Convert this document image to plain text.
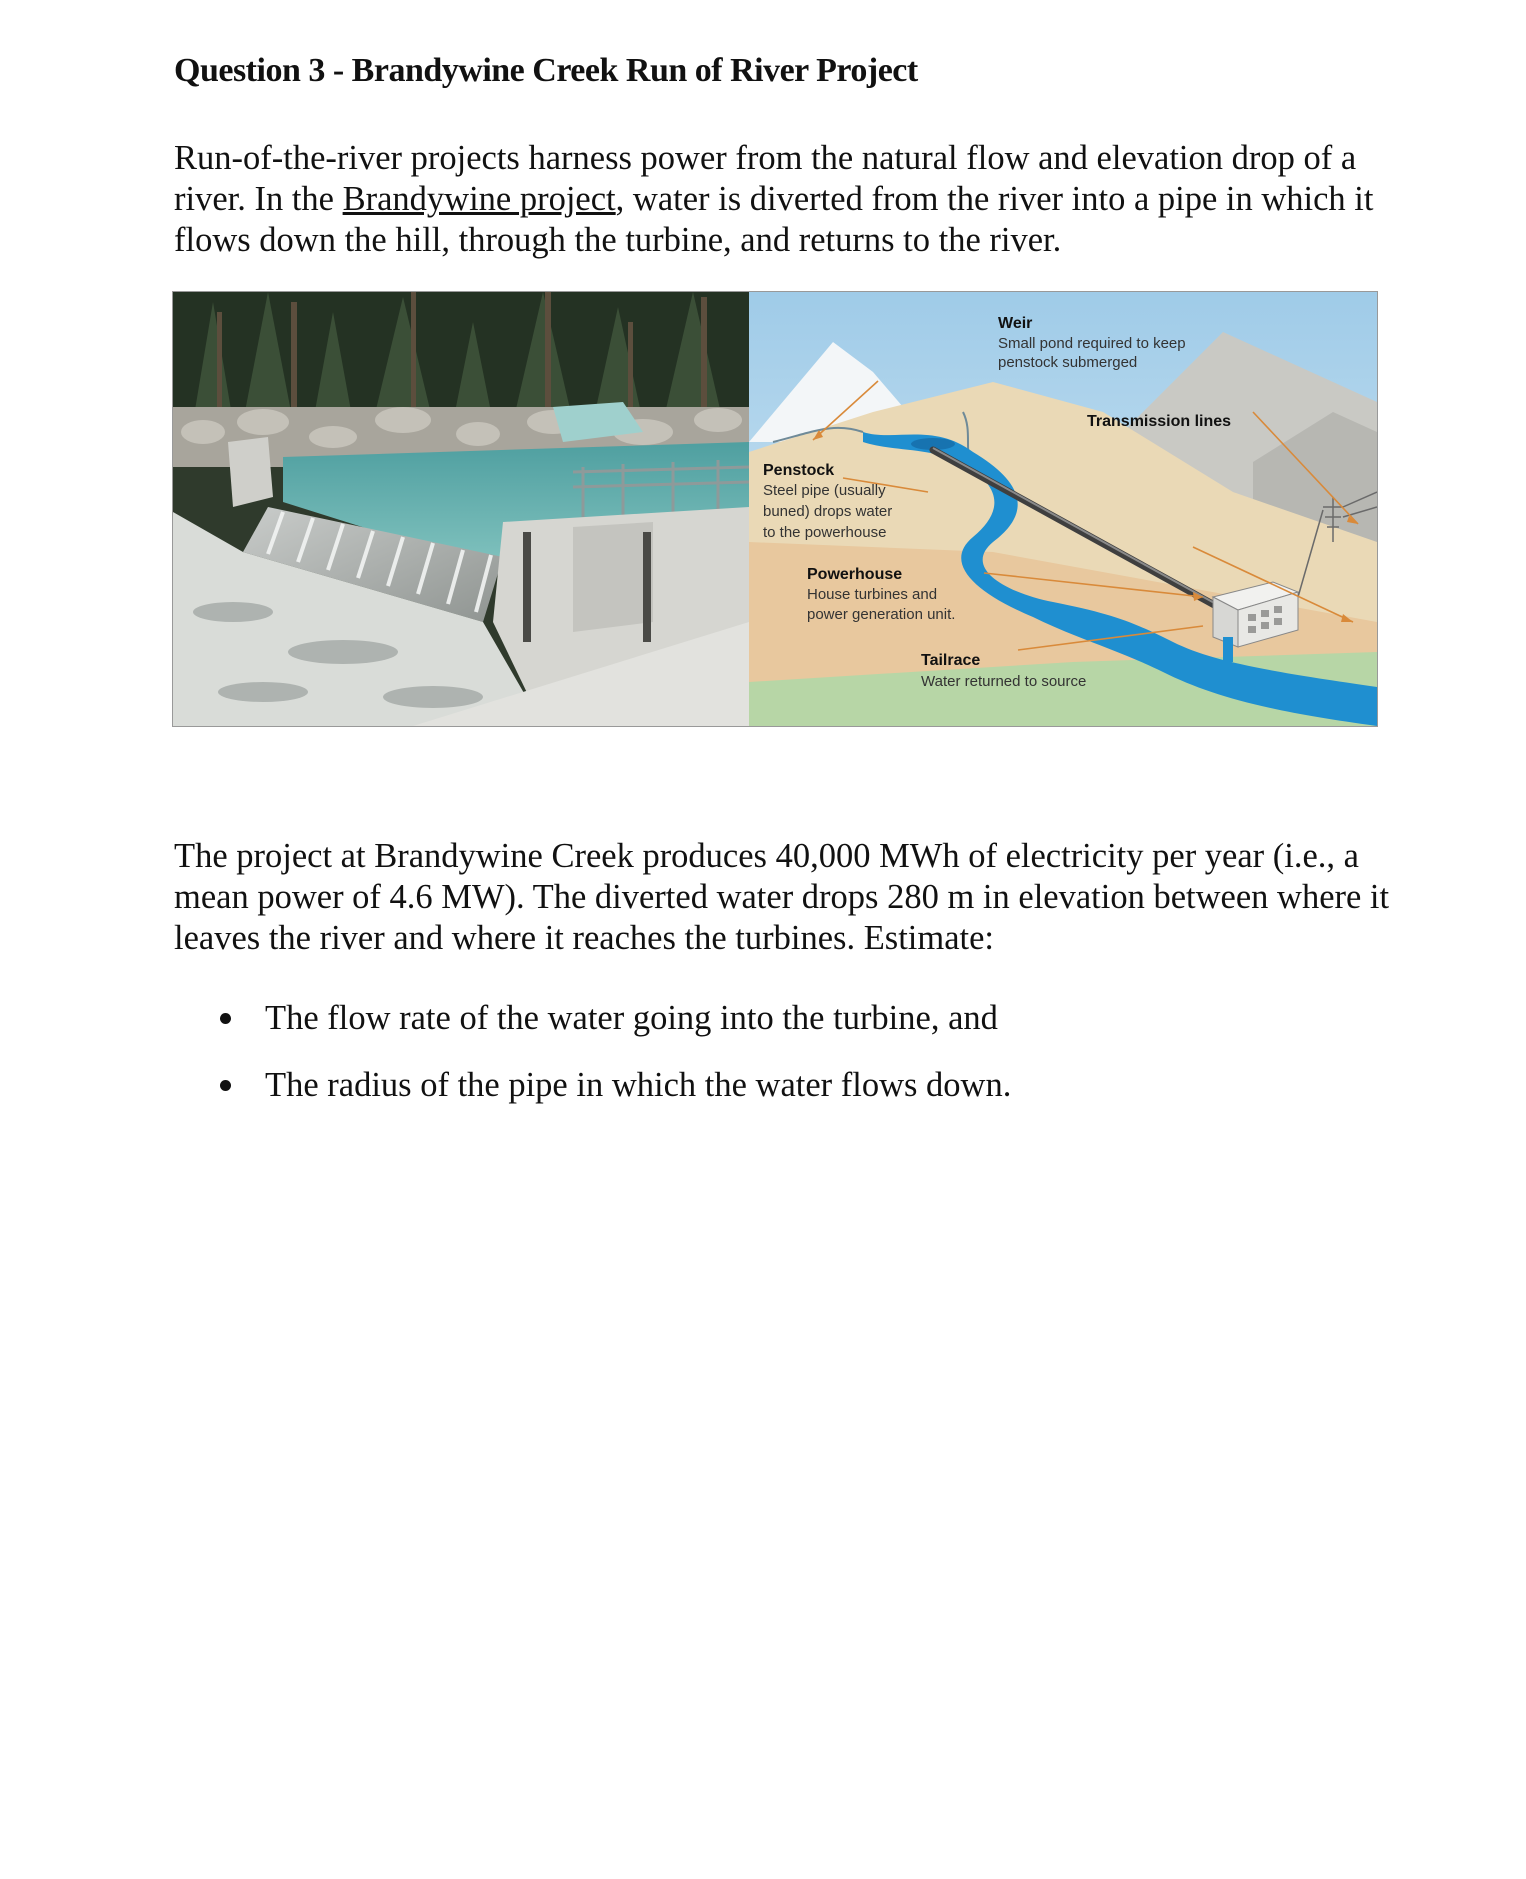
Question 3 - Brandywine Creek Run of River Project

Run-of-the-river projects harness power from the natural flow and elevation drop of a river. In the Brandywine project, water is diverted from the river into a pipe in which it flows down the hill, through the turbine, and returns to the river.

Weir
Small pond required to keep
penstock submerged
Transmission lines
Penstock
Steel pipe (usually
buned) drops water
to the powerhouse
Powerhouse
House turbines and
power generation unit.
Tailrace
Water returned to source

The project at Brandywine Creek produces 40,000 MWh of electricity per year (i.e., a mean power of 4.6 MW). The diverted water drops 280 m in elevation between where it leaves the river and where it reaches the turbines. Estimate:

The flow rate of the water going into the turbine, and
The radius of the pipe in which the water flows down.
